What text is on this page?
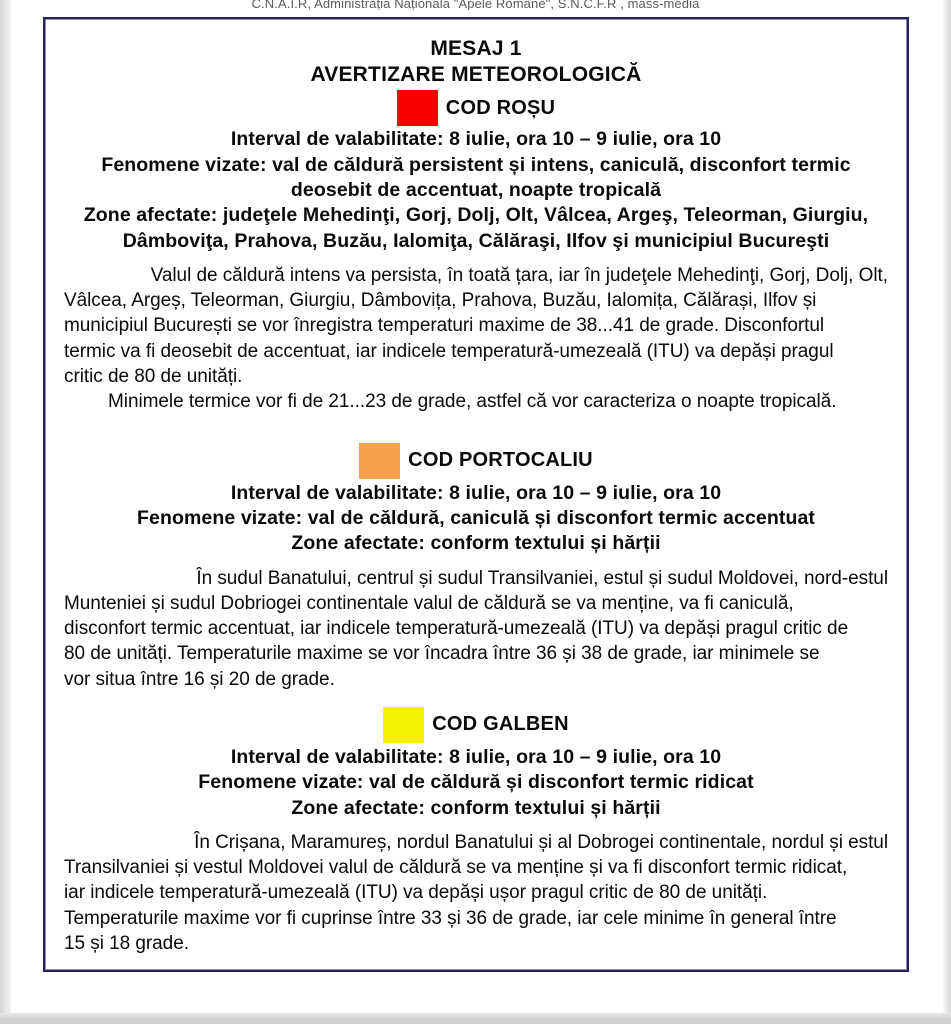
C.N.A.I.R, Administrația Națională "Apele Române", S.N.C.F.R , mass-media
MESAJ 1
AVERTIZARE METEOROLOGICĂ
COD ROȘU
Interval de valabilitate: 8 iulie, ora 10 – 9 iulie, ora 10
Fenomene vizate: val de căldură persistent și intens, caniculă, disconfort termic
deosebit de accentuat, noapte tropicală
Zone afectate: judeţele Mehedinţi, Gorj, Dolj, Olt, Vâlcea, Argeş, Teleorman, Giurgiu,
Dâmboviţa, Prahova, Buzău, Ialomiţa, Călăraşi, Ilfov şi municipiul Bucureşti

Valul de căldură intens va persista, în toată țara, iar în judeţele Mehedinţi, Gorj, Dolj, Olt,
Vâlcea, Argeș, Teleorman, Giurgiu, Dâmbovița, Prahova, Buzău, Ialomița, Călărași, Ilfov și
municipiul București se vor înregistra temperaturi maxime de 38...41 de grade. Disconfortul
termic va fi deosebit de accentuat, iar indicele temperatură-umezeală (ITU) va depăși pragul
critic de 80 de unități.

Minimele termice vor fi de 21...23 de grade, astfel că vor caracteriza o noapte tropicală.

COD PORTOCALIU
Interval de valabilitate: 8 iulie, ora 10 – 9 iulie, ora 10
Fenomene vizate: val de căldură, caniculă și disconfort termic accentuat
Zone afectate: conform textului și hărții

În sudul Banatului, centrul și sudul Transilvaniei, estul și sudul Moldovei, nord-estul
Munteniei și sudul Dobriogei continentale valul de căldură se va menține, va fi caniculă,
disconfort termic accentuat, iar indicele temperatură-umezeală (ITU) va depăși pragul critic de
80 de unități. Temperaturile maxime se vor încadra între 36 și 38 de grade, iar minimele se
vor situa între 16 și 20 de grade.

COD GALBEN
Interval de valabilitate: 8 iulie, ora 10 – 9 iulie, ora 10
Fenomene vizate: val de căldură și disconfort termic ridicat
Zone afectate: conform textului și hărții

În Crișana, Maramureș, nordul Banatului și al Dobrogei continentale, nordul și estul
Transilvaniei și vestul Moldovei valul de căldură se va menține și va fi disconfort termic ridicat,
iar indicele temperatură-umezeală (ITU) va depăși ușor pragul critic de 80 de unități.
Temperaturile maxime vor fi cuprinse între 33 și 36 de grade, iar cele minime în general între
15 și 18 grade.
